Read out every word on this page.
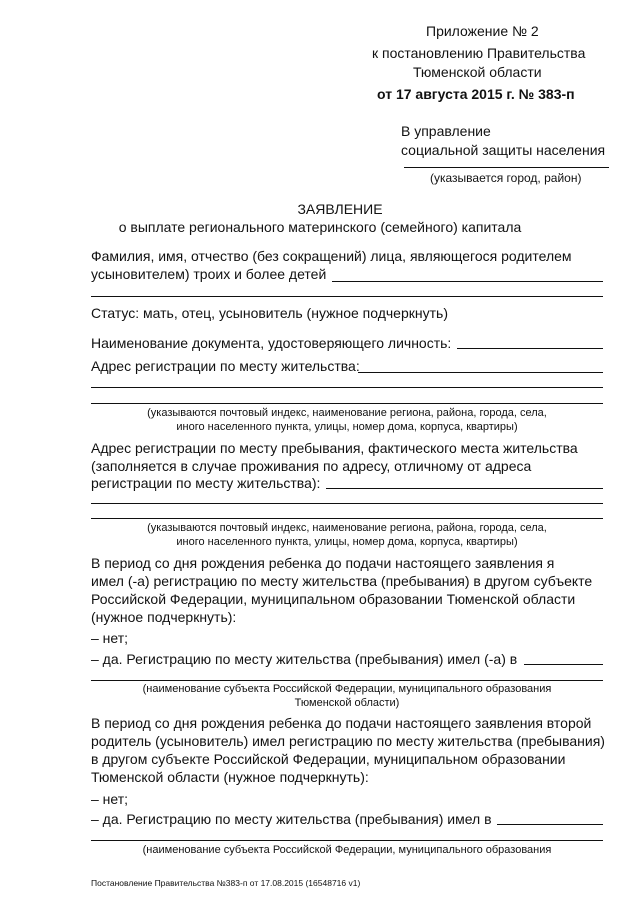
Приложение № 2
к постановлению Правительства
Тюменской области
от 17 августа 2015 г. № 383-п
В управление
социальной защиты населения
(указывается город, район)
ЗАЯВЛЕНИЕ
о выплате регионального материнского (семейного) капитала
Фамилия, имя, отчество (без сокращений) лица, являющегося родителем
усыновителем) троих и более детей
Статус: мать, отец, усыновитель (нужное подчеркнуть)
Наименование документа, удостоверяющего личность:
Адрес регистрации по месту жительства:
(указываются почтовый индекс, наименование региона, района, города, села,
иного населенного пункта, улицы, номер дома, корпуса, квартиры)
Адрес регистрации по месту пребывания, фактического места жительства
(заполняется в случае проживания по адресу, отличному от адреса
регистрации по месту жительства):
(указываются почтовый индекс, наименование региона, района, города, села,
иного населенного пункта, улицы, номер дома, корпуса, квартиры)
В период со дня рождения ребенка до подачи настоящего заявления я
имел (-а) регистрацию по месту жительства (пребывания) в другом субъекте
Российской Федерации, муниципальном образовании Тюменской области
(нужное подчеркнуть):
– нет;
– да. Регистрацию по месту жительства (пребывания) имел (-а) в
(наименование субъекта Российской Федерации, муниципального образования
Тюменской области)
В период со дня рождения ребенка до подачи настоящего заявления второй
родитель (усыновитель) имел регистрацию по месту жительства (пребывания)
в другом субъекте Российской Федерации, муниципальном образовании
Тюменской области (нужное подчеркнуть):
– нет;
– да. Регистрацию по месту жительства (пребывания) имел в
(наименование субъекта Российской Федерации, муниципального образования
Постановление Правительства №383-п от 17.08.2015 (16548716 v1)
